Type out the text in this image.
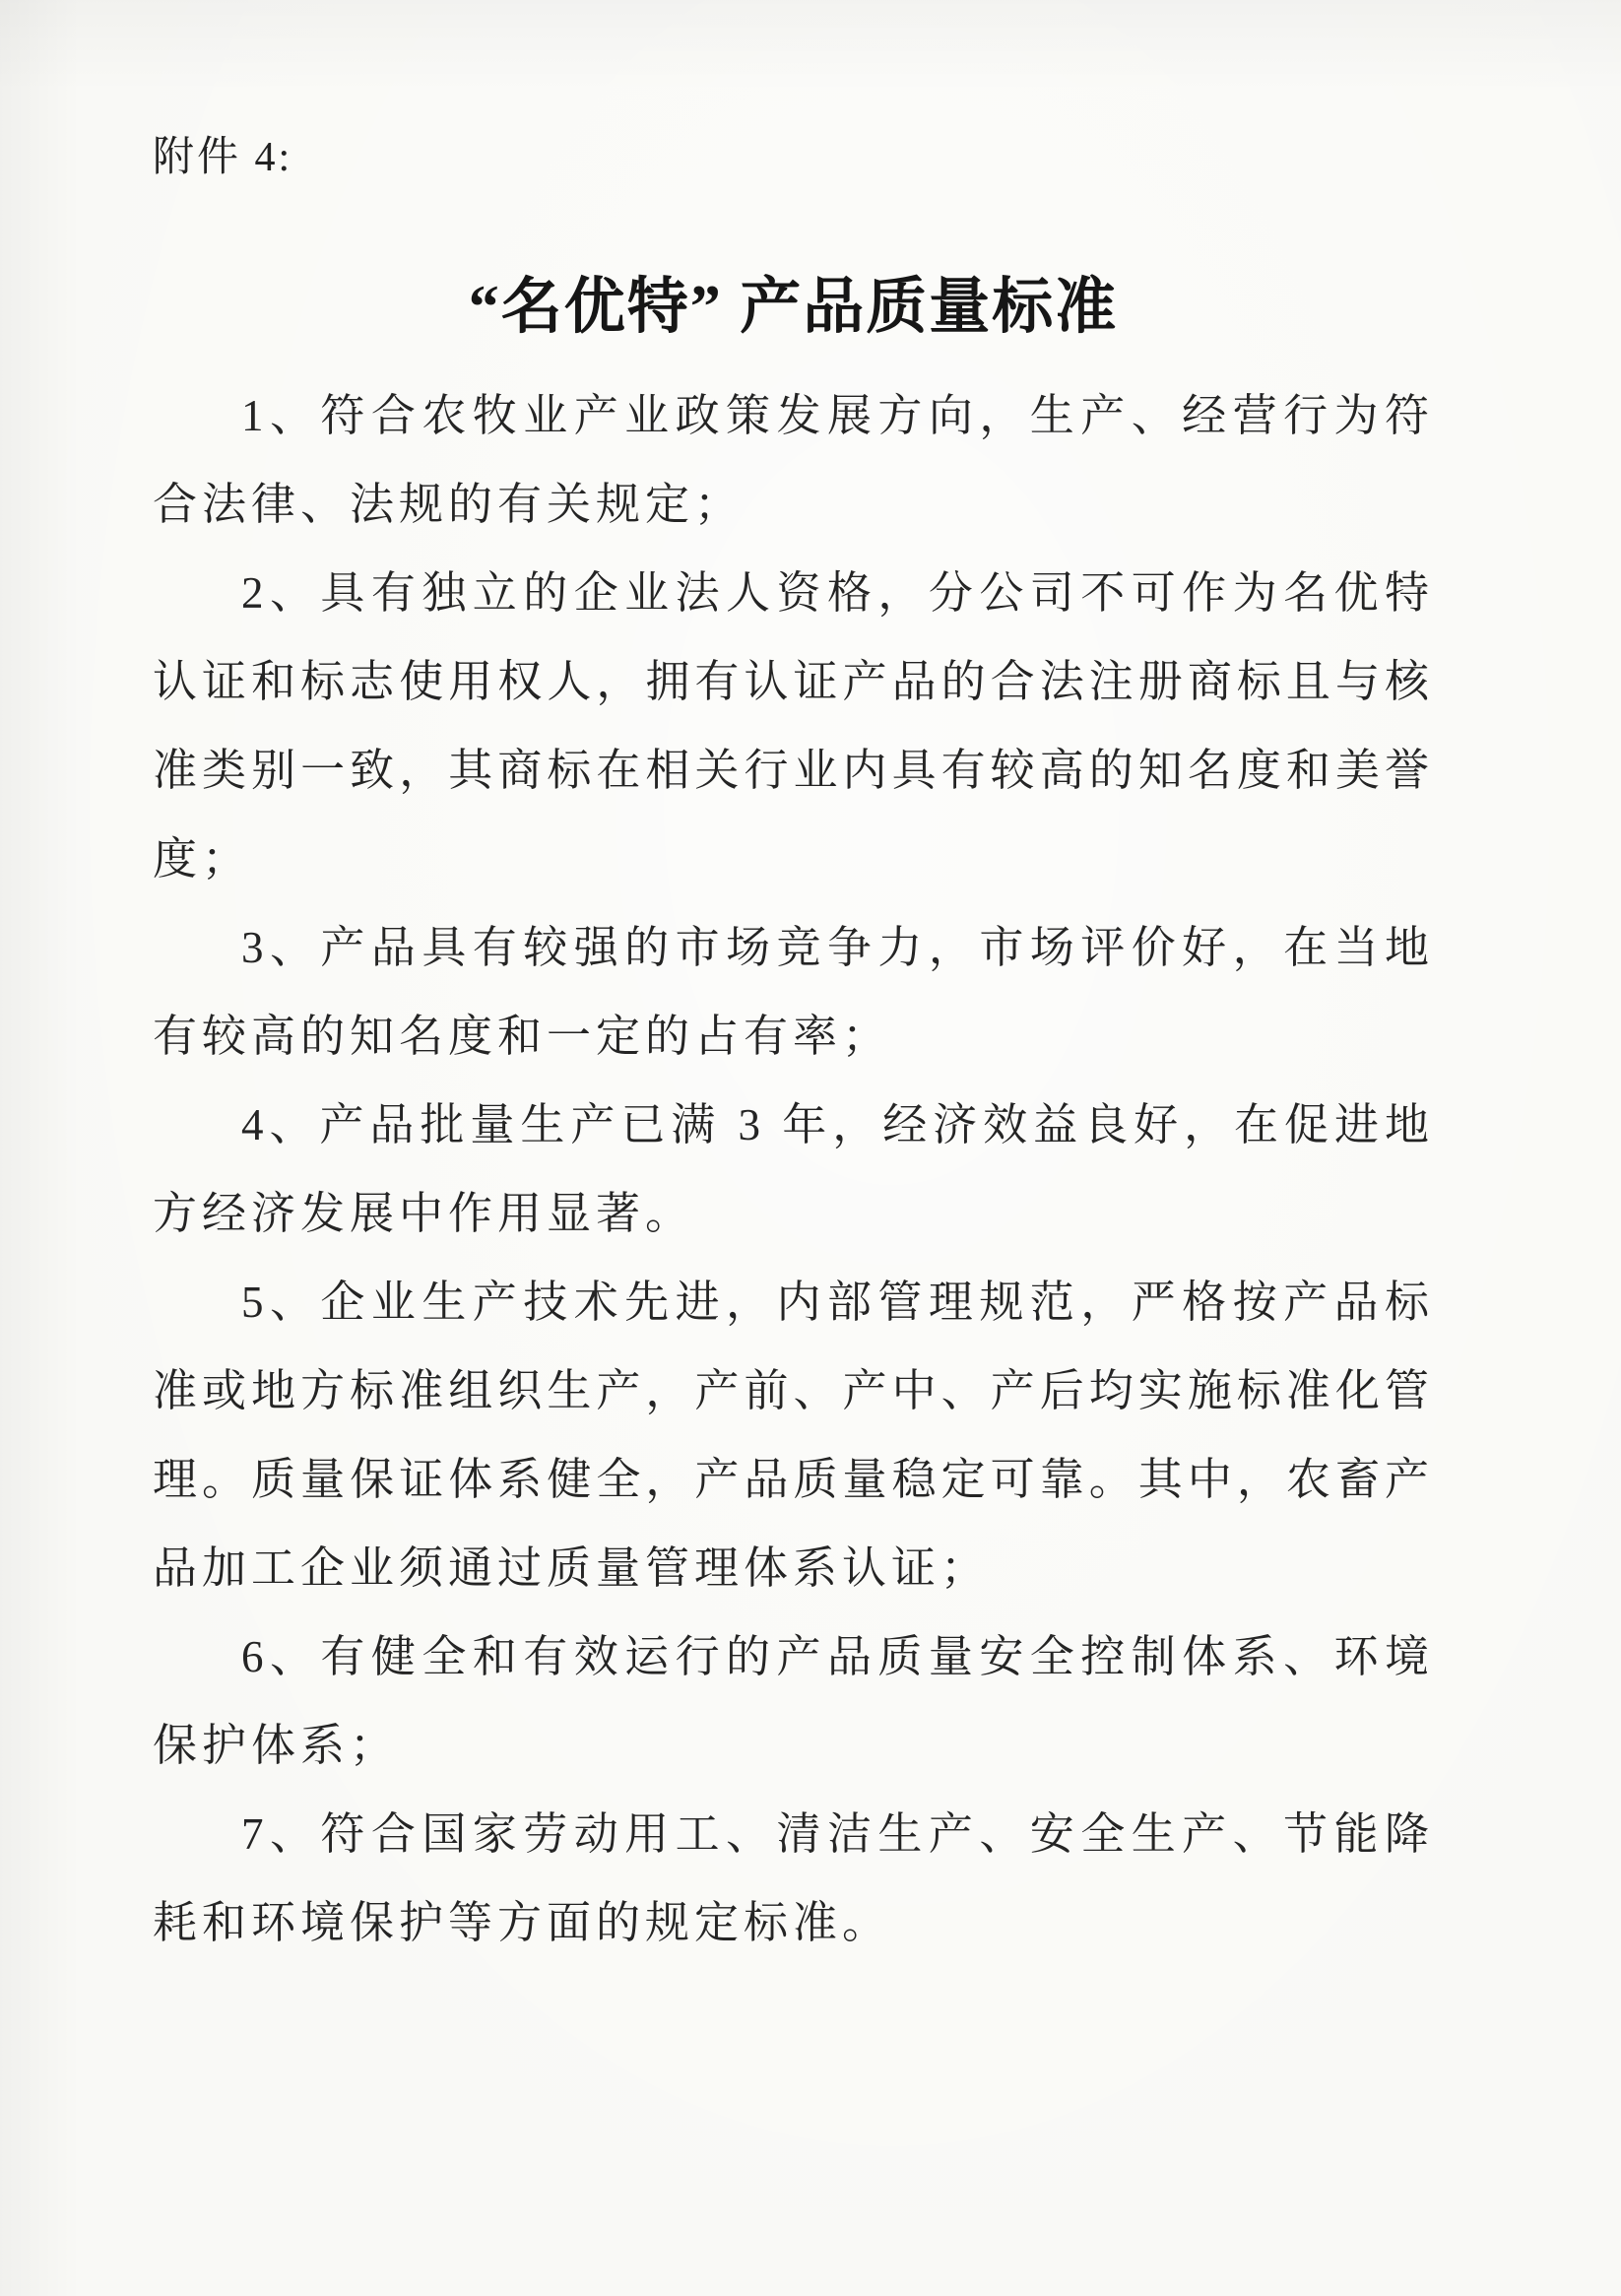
附件 4:
“名优特” 产品质量标准

1、符合农牧业产业政策发展方向，生产、经营行为符合法律、法规的有关规定；

2、具有独立的企业法人资格，分公司不可作为名优特认证和标志使用权人，拥有认证产品的合法注册商标且与核准类别一致，其商标在相关行业内具有较高的知名度和美誉度；

3、产品具有较强的市场竞争力，市场评价好，在当地有较高的知名度和一定的占有率；

4、产品批量生产已满 3 年，经济效益良好，在促进地方经济发展中作用显著。

5、企业生产技术先进，内部管理规范，严格按产品标准或地方标准组织生产，产前、产中、产后均实施标准化管理。质量保证体系健全，产品质量稳定可靠。其中，农畜产品加工企业须通过质量管理体系认证；

6、有健全和有效运行的产品质量安全控制体系、环境保护体系；

7、符合国家劳动用工、清洁生产、安全生产、节能降耗和环境保护等方面的规定标准。
